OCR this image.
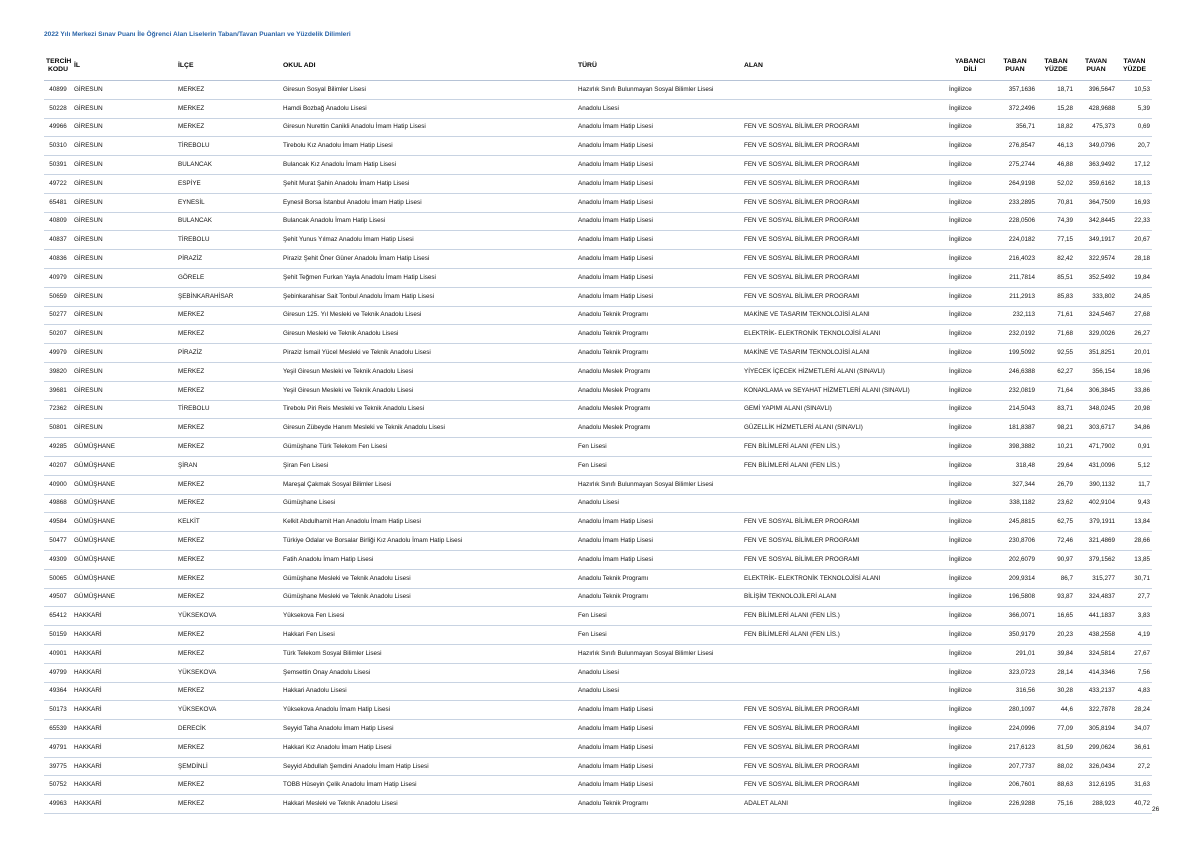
2022 Yılı Merkezi Sınav Puanı İle Öğrenci Alan Liselerin Taban/Tavan Puanları ve Yüzdelik Dilimleri
TERCİH KODU	İL	İLÇE	OKUL ADI	TÜRÜ	ALAN	YABANCI DİLİ	TABAN PUAN	TABAN YÜZDE	TAVAN PUAN	TAVAN YÜZDE
40899	GİRESUN	MERKEZ	Giresun Sosyal Bilimler Lisesi	Hazırlık Sınıfı Bulunmayan Sosyal Bilimler Lisesi		İngilizce	357,1636	18,71	396,5647	10,53
50228	GİRESUN	MERKEZ	Hamdi Bozbağ Anadolu Lisesi	Anadolu Lisesi		İngilizce	372,2496	15,28	428,9688	5,39
49966	GİRESUN	MERKEZ	Giresun Nurettin Canikli Anadolu İmam Hatip Lisesi	Anadolu İmam Hatip Lisesi	FEN VE SOSYAL BİLİMLER PROGRAMI	İngilizce	356,71	18,82	475,373	0,69
50310	GİRESUN	TİREBOLU	Tirebolu Kız Anadolu İmam Hatip Lisesi	Anadolu İmam Hatip Lisesi	FEN VE SOSYAL BİLİMLER PROGRAMI	İngilizce	276,8547	46,13	349,0796	20,7
50391	GİRESUN	BULANCAK	Bulancak Kız Anadolu İmam Hatip Lisesi	Anadolu İmam Hatip Lisesi	FEN VE SOSYAL BİLİMLER PROGRAMI	İngilizce	275,2744	46,88	363,9492	17,12
49722	GİRESUN	ESPİYE	Şehit Murat Şahin Anadolu İmam Hatip Lisesi	Anadolu İmam Hatip Lisesi	FEN VE SOSYAL BİLİMLER PROGRAMI	İngilizce	264,9198	52,02	359,6162	18,13
65481	GİRESUN	EYNESİL	Eynesil Borsa İstanbul Anadolu İmam Hatip Lisesi	Anadolu İmam Hatip Lisesi	FEN VE SOSYAL BİLİMLER PROGRAMI	İngilizce	233,2895	70,81	364,7509	16,93
40809	GİRESUN	BULANCAK	Bulancak Anadolu İmam Hatip Lisesi	Anadolu İmam Hatip Lisesi	FEN VE SOSYAL BİLİMLER PROGRAMI	İngilizce	228,0506	74,39	342,8445	22,33
40837	GİRESUN	TİREBOLU	Şehit Yunus Yılmaz Anadolu İmam Hatip Lisesi	Anadolu İmam Hatip Lisesi	FEN VE SOSYAL BİLİMLER PROGRAMI	İngilizce	224,0182	77,15	349,1917	20,67
40836	GİRESUN	PİRAZİZ	Piraziz Şehit Öner Güner Anadolu İmam Hatip Lisesi	Anadolu İmam Hatip Lisesi	FEN VE SOSYAL BİLİMLER PROGRAMI	İngilizce	216,4023	82,42	322,9574	28,18
40979	GİRESUN	GÖRELE	Şehit Teğmen Furkan Yayla Anadolu İmam Hatip Lisesi	Anadolu İmam Hatip Lisesi	FEN VE SOSYAL BİLİMLER PROGRAMI	İngilizce	211,7814	85,51	352,5492	19,84
50659	GİRESUN	ŞEBİNKARAHİSAR	Şebinkarahisar Sait Tonbul Anadolu İmam Hatip Lisesi	Anadolu İmam Hatip Lisesi	FEN VE SOSYAL BİLİMLER PROGRAMI	İngilizce	211,2913	85,83	333,802	24,85
50277	GİRESUN	MERKEZ	Giresun 125. Yıl Mesleki ve Teknik Anadolu Lisesi	Anadolu Teknik Programı	MAKİNE VE TASARIM TEKNOLOJİSİ ALANI	İngilizce	232,113	71,61	324,5467	27,68
50207	GİRESUN	MERKEZ	Giresun Mesleki ve Teknik Anadolu Lisesi	Anadolu Teknik Programı	ELEKTRİK- ELEKTRONİK TEKNOLOJİSİ ALANI	İngilizce	232,0192	71,68	329,0026	26,27
49979	GİRESUN	PİRAZİZ	Piraziz İsmail Yücel Mesleki ve Teknik Anadolu Lisesi	Anadolu Teknik Programı	MAKİNE VE TASARIM TEKNOLOJİSİ ALANI	İngilizce	199,5092	92,55	351,8251	20,01
39820	GİRESUN	MERKEZ	Yeşil Giresun Mesleki ve Teknik Anadolu Lisesi	Anadolu Meslek Programı	YİYECEK İÇECEK HİZMETLERİ ALANI (SINAVLI)	İngilizce	246,6388	62,27	356,154	18,96
39681	GİRESUN	MERKEZ	Yeşil Giresun Mesleki ve Teknik Anadolu Lisesi	Anadolu Meslek Programı	KONAKLAMA ve SEYAHAT HİZMETLERİ ALANI (SINAVLI)	İngilizce	232,0819	71,64	306,3845	33,86
72362	GİRESUN	TİREBOLU	Tirebolu Piri Reis Mesleki ve Teknik Anadolu Lisesi	Anadolu Meslek Programı	GEMİ YAPIMI ALANI (SINAVLI)	İngilizce	214,5043	83,71	348,0245	20,98
50801	GİRESUN	MERKEZ	Giresun Zübeyde Hanım Mesleki ve Teknik Anadolu Lisesi	Anadolu Meslek Programı	GÜZELLİK HİZMETLERİ ALANI (SINAVLI)	İngilizce	181,8387	98,21	303,6717	34,86
49285	GÜMÜŞHANE	MERKEZ	Gümüşhane Türk Telekom Fen Lisesi	Fen Lisesi	FEN BİLİMLERİ ALANI (FEN LİS.)	İngilizce	398,3882	10,21	471,7902	0,91
40207	GÜMÜŞHANE	ŞİRAN	Şiran Fen Lisesi	Fen Lisesi	FEN BİLİMLERİ ALANI (FEN LİS.)	İngilizce	318,48	29,64	431,0096	5,12
40900	GÜMÜŞHANE	MERKEZ	Mareşal Çakmak Sosyal Bilimler Lisesi	Hazırlık Sınıfı Bulunmayan Sosyal Bilimler Lisesi		İngilizce	327,344	26,79	390,1132	11,7
49868	GÜMÜŞHANE	MERKEZ	Gümüşhane Lisesi	Anadolu Lisesi		İngilizce	338,1182	23,62	402,9104	9,43
49584	GÜMÜŞHANE	KELKİT	Kelkit Abdulhamit Han Anadolu İmam Hatip Lisesi	Anadolu İmam Hatip Lisesi	FEN VE SOSYAL BİLİMLER PROGRAMI	İngilizce	245,8815	62,75	379,1911	13,84
50477	GÜMÜŞHANE	MERKEZ	Türkiye Odalar ve Borsalar Birliği Kız Anadolu İmam Hatip Lisesi	Anadolu İmam Hatip Lisesi	FEN VE SOSYAL BİLİMLER PROGRAMI	İngilizce	230,8706	72,46	321,4869	28,66
49309	GÜMÜŞHANE	MERKEZ	Fatih Anadolu İmam Hatip Lisesi	Anadolu İmam Hatip Lisesi	FEN VE SOSYAL BİLİMLER PROGRAMI	İngilizce	202,6079	90,97	379,1562	13,85
50065	GÜMÜŞHANE	MERKEZ	Gümüşhane Mesleki ve Teknik Anadolu Lisesi	Anadolu Teknik Programı	ELEKTRİK- ELEKTRONİK TEKNOLOJİSİ ALANI	İngilizce	209,9314	86,7	315,277	30,71
49507	GÜMÜŞHANE	MERKEZ	Gümüşhane Mesleki ve Teknik Anadolu Lisesi	Anadolu Teknik Programı	BİLİŞİM TEKNOLOJİLERİ ALANI	İngilizce	196,5808	93,87	324,4837	27,7
65412	HAKKARİ	YÜKSEKOVA	Yüksekova Fen Lisesi	Fen Lisesi	FEN BİLİMLERİ ALANI (FEN LİS.)	İngilizce	366,0071	16,65	441,1837	3,83
50159	HAKKARİ	MERKEZ	Hakkari Fen Lisesi	Fen Lisesi	FEN BİLİMLERİ ALANI (FEN LİS.)	İngilizce	350,9179	20,23	438,2558	4,19
40901	HAKKARİ	MERKEZ	Türk Telekom Sosyal Bilimler Lisesi	Hazırlık Sınıfı Bulunmayan Sosyal Bilimler Lisesi		İngilizce	291,01	39,84	324,5814	27,67
49799	HAKKARİ	YÜKSEKOVA	Şemsettin Onay Anadolu Lisesi	Anadolu Lisesi		İngilizce	323,0723	28,14	414,3346	7,56
49364	HAKKARİ	MERKEZ	Hakkari Anadolu Lisesi	Anadolu Lisesi		İngilizce	316,56	30,28	433,2137	4,83
50173	HAKKARİ	YÜKSEKOVA	Yüksekova Anadolu İmam Hatip Lisesi	Anadolu İmam Hatip Lisesi	FEN VE SOSYAL BİLİMLER PROGRAMI	İngilizce	280,1097	44,6	322,7878	28,24
65539	HAKKARİ	DERECİK	Seyyid Taha Anadolu İmam Hatip Lisesi	Anadolu İmam Hatip Lisesi	FEN VE SOSYAL BİLİMLER PROGRAMI	İngilizce	224,0996	77,09	305,8194	34,07
49791	HAKKARİ	MERKEZ	Hakkari Kız Anadolu İmam Hatip Lisesi	Anadolu İmam Hatip Lisesi	FEN VE SOSYAL BİLİMLER PROGRAMI	İngilizce	217,6123	81,59	299,0624	36,61
39775	HAKKARİ	ŞEMDİNLİ	Seyyid Abdullah Şemdini Anadolu İmam Hatip Lisesi	Anadolu İmam Hatip Lisesi	FEN VE SOSYAL BİLİMLER PROGRAMI	İngilizce	207,7737	88,02	326,0434	27,2
50752	HAKKARİ	MERKEZ	TOBB Hüseyin Çelik Anadolu İmam Hatip Lisesi	Anadolu İmam Hatip Lisesi	FEN VE SOSYAL BİLİMLER PROGRAMI	İngilizce	206,7601	88,63	312,6195	31,63
49963	HAKKARİ	MERKEZ	Hakkari Mesleki ve Teknik Anadolu Lisesi	Anadolu Teknik Programı	ADALET ALANI	İngilizce	226,9288	75,16	288,923	40,72
26
